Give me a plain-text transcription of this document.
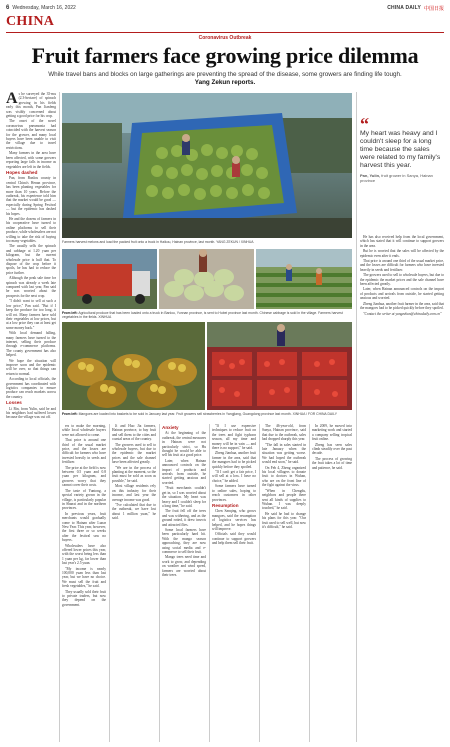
6 Wednesday, March 16, 2022	CHINA DAILY 中国日报
CHINA
Coronavirus Outbreak
Fruit farmers face growing price dilemma
While travel bans and blocks on large gatherings are preventing the spread of the disease, some growers are finding life tough. Yang Zekun reports.

As he surveyed the 35-mu (2.3-hectare) of spinach growing in his fields early this month, Pan Jianfeng was visibly concerned about getting a good price for his crop.

The onset of the novel coronavirus pneumonia had coincided with the harvest season for the grower, and many local buyers have been unable to visit the village due to travel restrictions.

Many farmers in the area have been affected, with some growers reporting large falls in income as vegetables are left in the fields.

Hopes dashed

Pan, from Banlou county in central China's Henan province, has been planting vegetables for more than 10 years. Before the outbreak, his experience told him that the market would be good — especially during Spring Festival — but the epidemic has dashed his hopes.

He and the dozens of farmers in his cooperative have turned to online platforms to sell their produce, while wholesalers are not willing to take the risk of buying too many vegetables.

The usually sells the spinach and cabbage at 1.20 yuan per kilogram, but the current wholesale price is half that. To dispose of the crop before it spoils, he has had to reduce the price further.

Although the peak sale time for spinach was already a week late compared with last year, Pan said he was worried about the prospects for the next crop.

"I didn't want to sell at such a low price," Pan said. "But if I keep the produce for too long, it will rot. Many farmers have sold their vegetables at low prices, but at a low price they can at least get some money back."

With local demand falling, many farmers have turned to the internet, selling their produce through e-commerce platforms. The county government has also helped.

We hope the situation will improve soon and the epidemic will be over, so that things can return to normal.

According to local officials, the government has coordinated with logistics companies to ensure produce can reach markets across the country.

Losses

Li Bin, from Yulin, said he and his neighbors had suffered losses because the village was cut off.

Farmers harvest melons and load the packed fruit onto a truck in Haikou, Hainan province, last month. YANG ZEKUN / XINHUA
From left: Agricultural produce that has been loaded onto a truck in Banlou, Yunnan province, is sent to Hubei province last month. Chinese cabbage is sold in the village. Farmers harvest vegetables in the fields. XINHUA
From left: Mangoes are loaded into baskets to be sold in January last year. Fruit growers sell strawberries in Yangjiang, Guangdong province last month. XINHUA / FOR CHINA DAILY

ers to make the morning, while local wholesale buyers were not allowed to come.

That price is around one third of the usual market price, and the losses are difficult for farmers who have invested heavily in seeds and fertilizer.

The price at the field is now between 0.5 yuan and 0.8 yuan per kilogram, and growers worry that they cannot cover their costs.

The taste of Yuntong, a special variety grown in the village, is particularly popular in Shanxi and in the northern provinces.

In previous years, fruit merchants would gradually come to Hainan after Lunar New Year. This year, however, the first three or so weeks after the festival saw no buyers.

Wholesalers have also offered lower prices this year, with the worst being less than 1 yuan per kg, far lower than last year's 2.5 yuan.

"My income is nearly 100,000 yuan less than last year, but we have no choice. We must sell the fruit and fresh vegetables," he said.

They usually sold their fruit to private traders, but now they depend on the government.

Ji and Huo Jia farmers, Hainan province, to buy fruit and sell them to the cities and coastal areas of the country.

The growers used to sell to wholesale buyers, but due to the epidemic the market prices and the sale channel have been affected greatly.

"We are in the process of planting at the moment, so the fruit must be sold as soon as possible," he said.

Most village residents rely on this industry for their income, and last year the average income was good.

"I've calculated that due to the outbreak, we have lost about 1 million yuan," he said.

Anxiety

At the beginning of the outbreak, the central measures in Hainan were not particularly strict, so Hu thought he would be able to sell his fruit at a good price.

Later, when Hainan announced controls on the import of products and arrivals from outside, he started getting anxious and worried.

"Fruit merchants couldn't get in, so I was worried about the situation. My heart was heavy and I couldn't sleep for a long time," he said.

The fruit fell off the trees and was withering, and as the ground rotted, it drew insects and attracted flies.

Some local farmers have been particularly hard hit. With the mango season approaching, they are now using social media and e-commerce to sell their fruit.

Mango trees need time and work to grow, and depending on weather and wind speed, farmers are worried about their trees.

"If I use expensive techniques to reduce fruit on the trees and fight typhoon season, all my time and money will be in vain — and there is no support," he said.

Zheng Jianhua, another fruit farmer in the area, said that the mangoes had to be picked quickly before they spoiled.

"If I can't get a fair price, I will sell at a loss. I have no choice," he added.

Some farmers have turned to online sales, hoping to reach customers in other provinces.

Resumption

Chen Sanqing, who grows mangoes, said the resumption of logistics services has helped, and he hopes things will improve.

Officials said they would continue to support growers and help them sell their fruit.

The 46-year-old, from Sanya, Hainan province, said that due to the outbreak, sales had dropped sharply this year.

"The fall in sales started in late January when the situation was getting worse. We had hoped the outbreak would end soon," he said.

On Feb 4, Zheng organized his local villagers to donate fruit to doctors in Wuhan, who are on the front line of the fight against the virus.

"When in Chengdu, neighbors and people there sent all kinds of supplies to Wuhan. I was deeply touched," he said.

He said he had to change his plans for this year. "Our fruit used to sell well, but now it's difficult," he said.

In 2009, he moved into marketing work and started a company selling tropical fruit online.

Zheng has seen sales climb steadily over the past decade.

The process of growing the fruit takes a lot of time and patience, he said.

“
My heart was heavy and I couldn't sleep for a long time because the sales were related to my family's harvest this year.
Pan, Yulin, fruit grower in Sanya, Hainan province

He has also received help from the local government, which has stated that it will continue to support growers in the area.

But he is worried that the sales will be affected by the epidemic even after it ends.

That price is around one third of the usual market price, and the losses are difficult for farmers who have invested heavily in seeds and fertilizer.

The growers used to sell to wholesale buyers, but due to the epidemic the market prices and the sale channel have been affected greatly.

Later, when Hainan announced controls on the import of products and arrivals from outside, he started getting anxious and worried.

Zheng Jianhua, another fruit farmer in the area, said that the mangoes had to be picked quickly before they spoiled.

"Contact the writer at yangzekun@chinadaily.com.cn"
